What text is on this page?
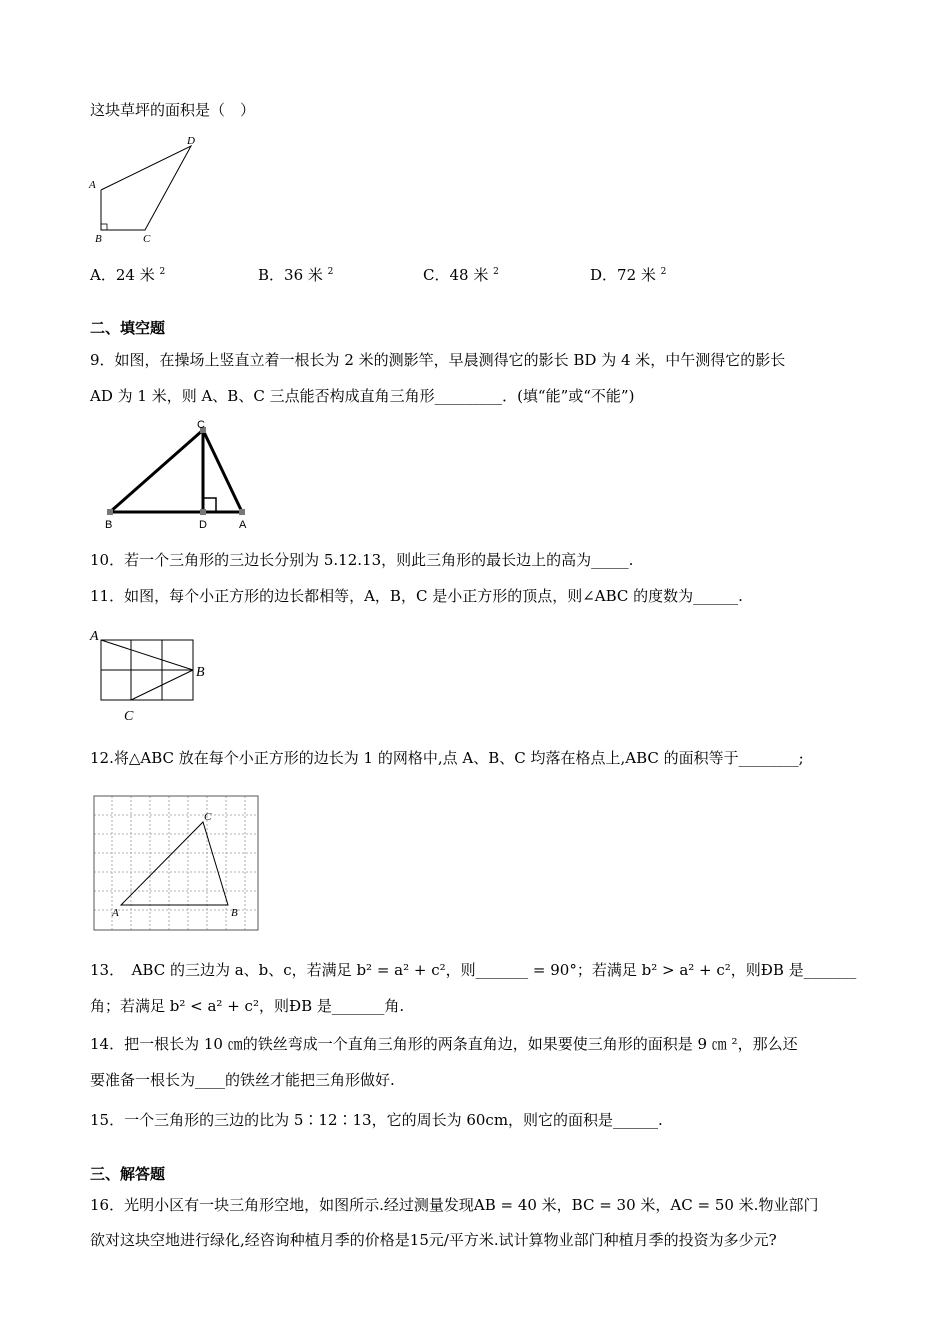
这块草坪的面积是（　）
A
B	C
D
A．24 米 $^2$	B．36 米 $^2$	C．48 米 $^2$	D．72 米 $^2$
二、填空题
9．如图，在操场上竖直立着一根长为 2 米的测影竿，早晨测得它的影长 BD 为 4 米，中午测得它的影长
AD 为 1 米，则 A、B、C 三点能否构成直角三角形_________．(填“能”或“不能”)
C
B	D	A
10．若一个三角形的三边长分别为 5.12.13，则此三角形的最长边上的高为_____.
11．如图，每个小正方形的边长都相等，A，B，C 是小正方形的顶点，则∠ABC 的度数为______.
A
B
C
12.将△ABC 放在每个小正方形的边长为 1 的网格中,点 A、B、C 均落在格点上,ABC 的面积等于________;
A	B
C
13．　ABC 的三边为 a、b、c，若满足 b² = a² + c²，则_______ = 90°；若满足 b² > a² + c²，则ÐB 是_______
角；若满足 b² < a² + c²，则ÐB 是_______角.
14．把一根长为 10 ㎝的铁丝弯成一个直角三角形的两条直角边，如果要使三角形的面积是 9 ㎝ ²，那么还
要准备一根长为____的铁丝才能把三角形做好.
15．一个三角形的三边的比为 5∶12∶13，它的周长为 60cm，则它的面积是______.
三、解答题
16．光明小区有一块三角形空地，如图所示.经过测量发现AB = 40 米，BC = 30 米，AC = 50 米.物业部门
欲对这块空地进行绿化,经咨询种植月季的价格是15元/平方米.试计算物业部门种植月季的投资为多少元?
